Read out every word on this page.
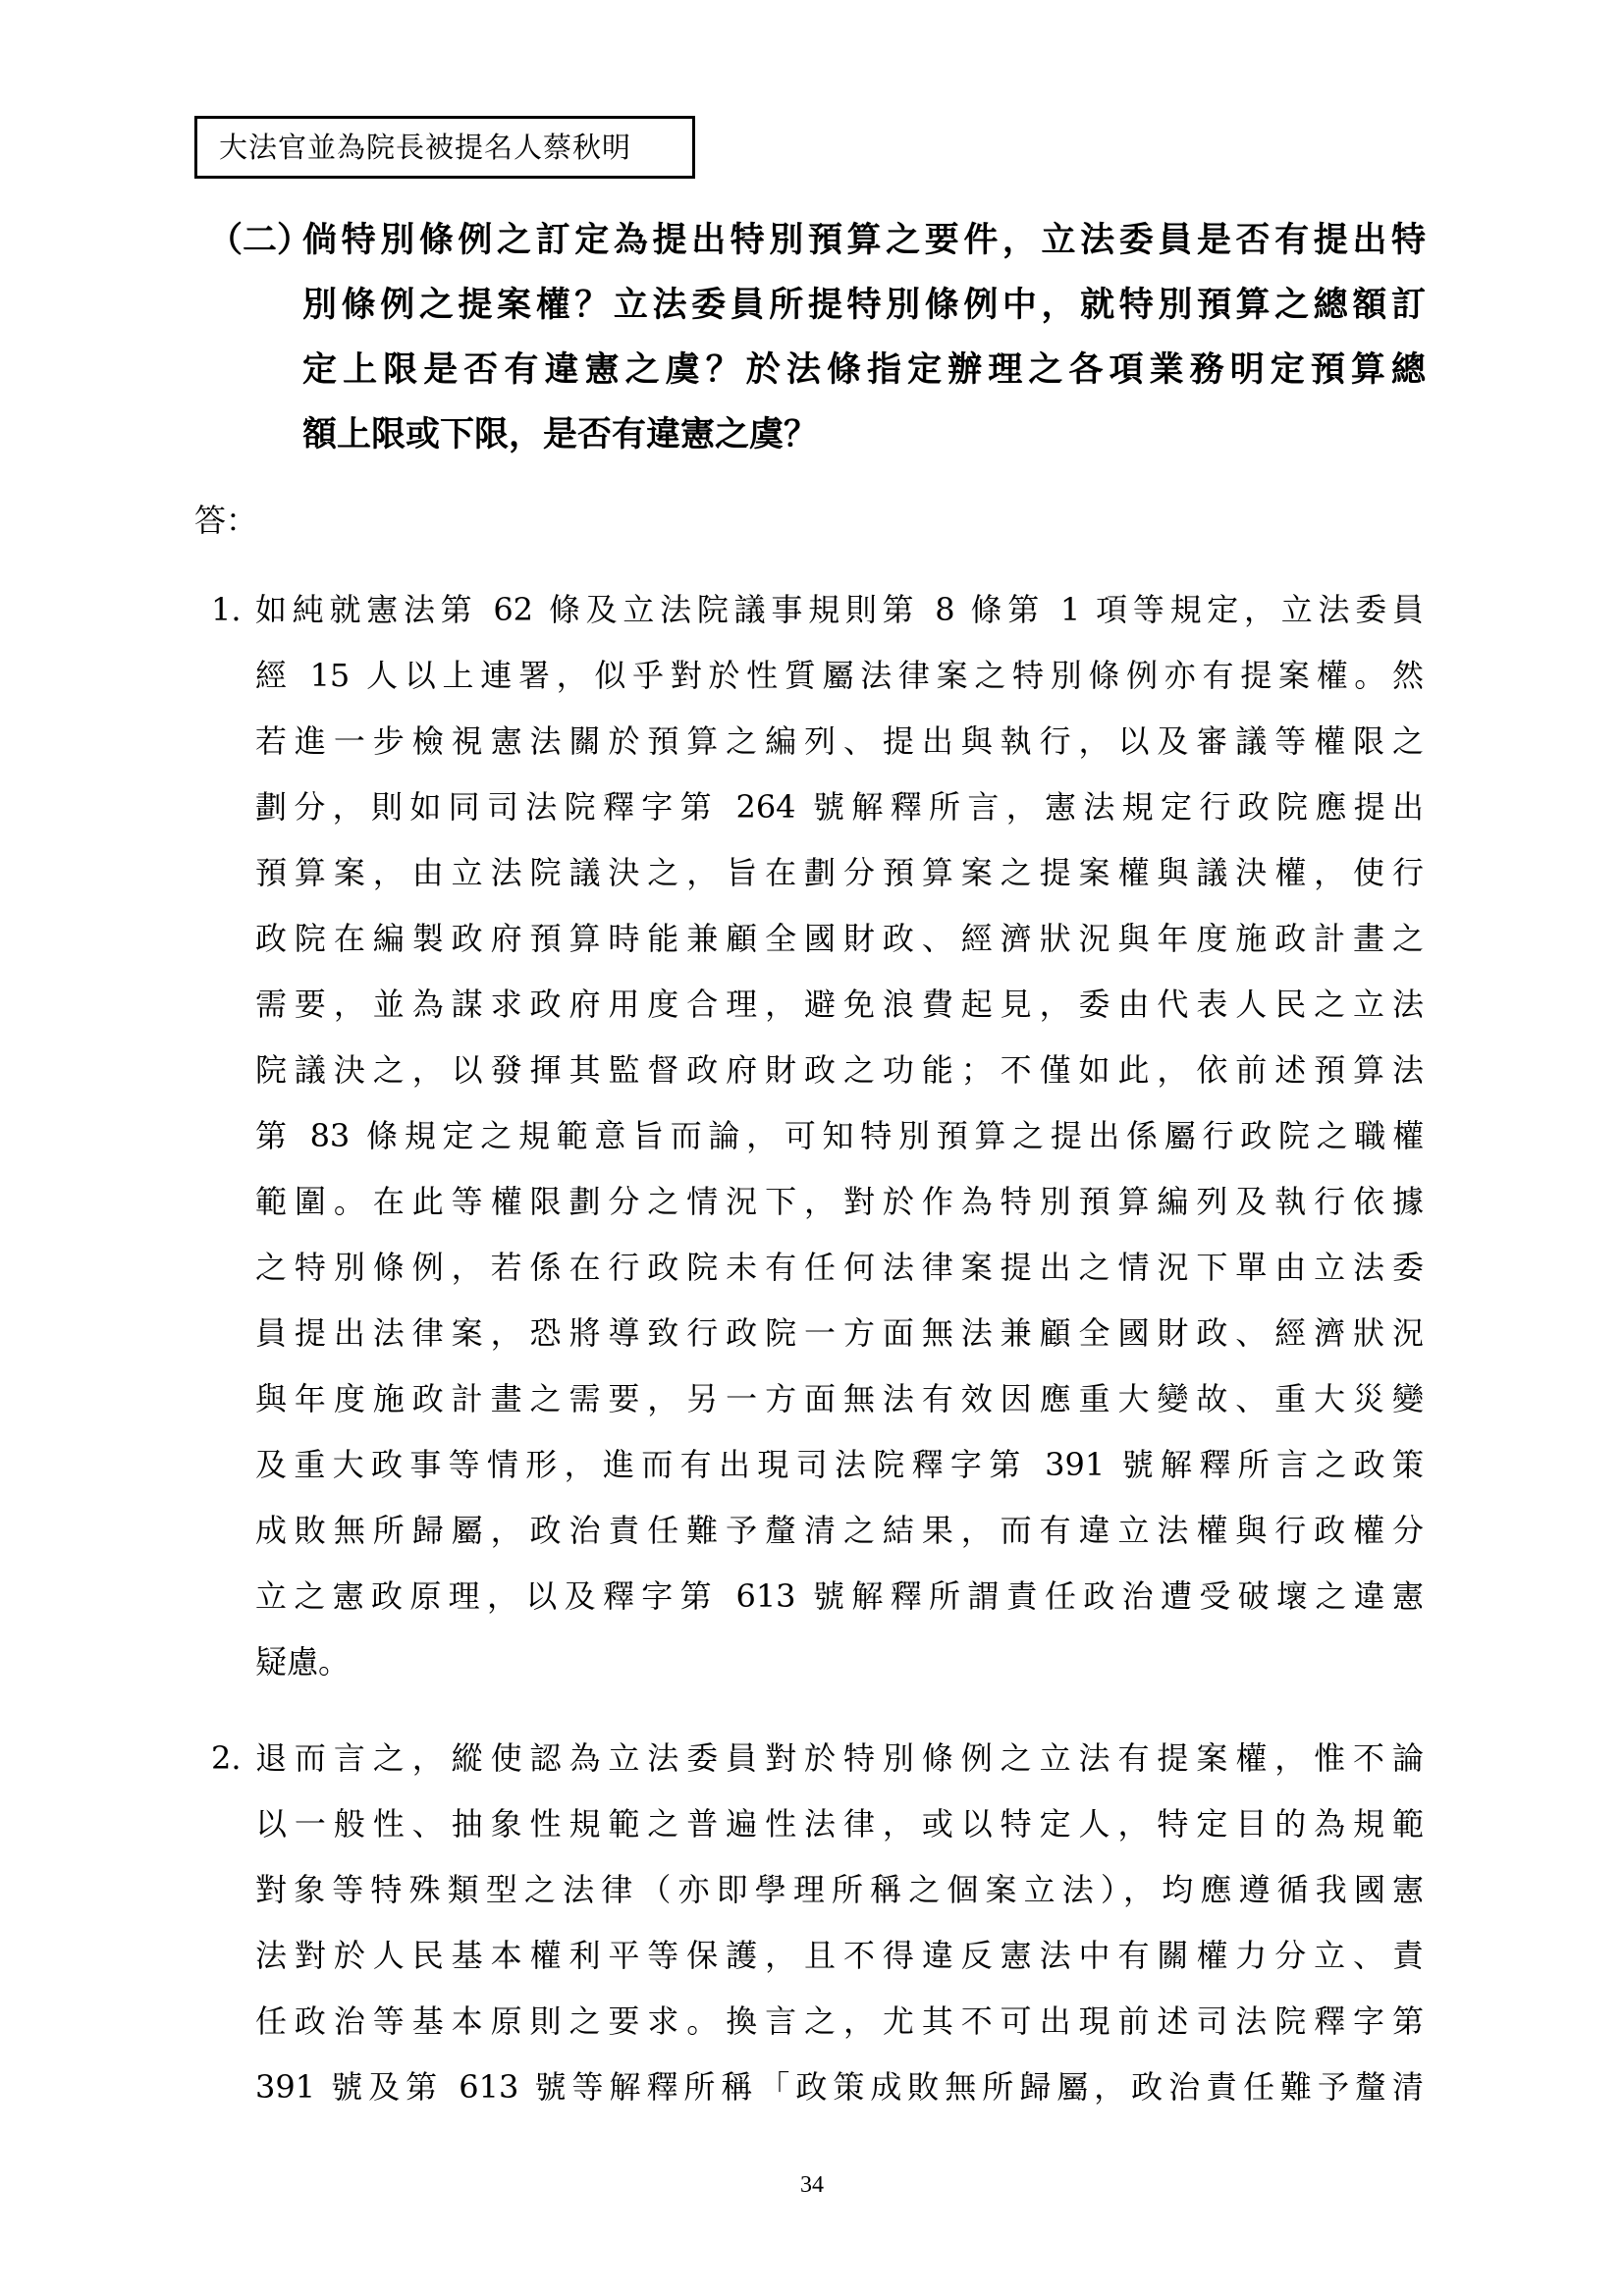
大法官並為院長被提名人蔡秋明
（二）
倘特別條例之訂定為提出特別預算之要件，立法委員是否有提出特
別條例之提案權？立法委員所提特別條例中，就特別預算之總額訂
定上限是否有違憲之虞？於法條指定辦理之各項業務明定預算總
額上限或下限，是否有違憲之虞？
答：
1. 如純就憲法第 62 條及立法院議事規則第 8 條第 1 項等規定，立法委員
經 15 人以上連署，似乎對於性質屬法律案之特別條例亦有提案權。然
若進一步檢視憲法關於預算之編列、提出與執行，以及審議等權限之
劃分，則如同司法院釋字第 264 號解釋所言，憲法規定行政院應提出
預算案，由立法院議決之，旨在劃分預算案之提案權與議決權，使行
政院在編製政府預算時能兼顧全國財政、經濟狀況與年度施政計畫之
需要，並為謀求政府用度合理，避免浪費起見，委由代表人民之立法
院議決之，以發揮其監督政府財政之功能；不僅如此，依前述預算法
第 83 條規定之規範意旨而論，可知特別預算之提出係屬行政院之職權
範圍。在此等權限劃分之情況下，對於作為特別預算編列及執行依據
之特別條例，若係在行政院未有任何法律案提出之情況下單由立法委
員提出法律案，恐將導致行政院一方面無法兼顧全國財政、經濟狀況
與年度施政計畫之需要，另一方面無法有效因應重大變故、重大災變
及重大政事等情形，進而有出現司法院釋字第 391 號解釋所言之政策
成敗無所歸屬，政治責任難予釐清之結果，而有違立法權與行政權分
立之憲政原理，以及釋字第 613 號解釋所謂責任政治遭受破壞之違憲
疑慮。
2. 退而言之，縱使認為立法委員對於特別條例之立法有提案權，惟不論
以一般性、抽象性規範之普遍性法律，或以特定人，特定目的為規範
對象等特殊類型之法律（亦即學理所稱之個案立法），均應遵循我國憲
法對於人民基本權利平等保護，且不得違反憲法中有關權力分立、責
任政治等基本原則之要求。換言之，尤其不可出現前述司法院釋字第
391 號及第 613 號等解釋所稱「政策成敗無所歸屬，政治責任難予釐清
34
